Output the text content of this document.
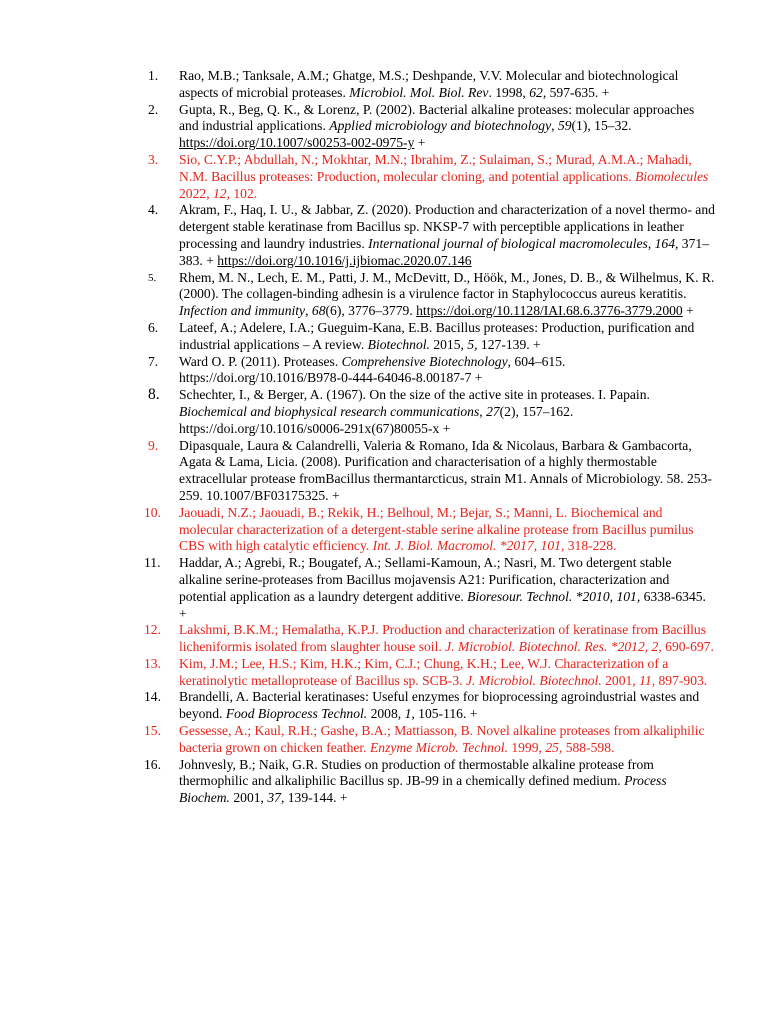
1.	Rao, M.B.; Tanksale, A.M.; Ghatge, M.S.; Deshpande, V.V. Molecular and biotechnological aspects of microbial proteases. Microbiol. Mol. Biol. Rev. 1998, 62, 597-635. +
2.	Gupta, R., Beg, Q. K., & Lorenz, P. (2002). Bacterial alkaline proteases: molecular approaches and industrial applications. Applied microbiology and biotechnology, 59(1), 15–32. https://doi.org/10.1007/s00253-002-0975-y +
3.	Sio, C.Y.P.; Abdullah, N.; Mokhtar, M.N.; Ibrahim, Z.; Sulaiman, S.; Murad, A.M.A.; Mahadi, N.M. Bacillus proteases: Production, molecular cloning, and potential applications. Biomolecules 2022, 12, 102.
4.	Akram, F., Haq, I. U., & Jabbar, Z. (2020). Production and characterization of a novel thermo- and detergent stable keratinase from Bacillus sp. NKSP-7 with perceptible applications in leather processing and laundry industries. International journal of biological macromolecules, 164, 371–383. + https://doi.org/10.1016/j.ijbiomac.2020.07.146
5.	Rhem, M. N., Lech, E. M., Patti, J. M., McDevitt, D., Höök, M., Jones, D. B., & Wilhelmus, K. R. (2000). The collagen-binding adhesin is a virulence factor in Staphylococcus aureus keratitis. Infection and immunity, 68(6), 3776–3779. https://doi.org/10.1128/IAI.68.6.3776-3779.2000 +
6.	Lateef, A.; Adelere, I.A.; Gueguim-Kana, E.B. Bacillus proteases: Production, purification and industrial applications – A review. Biotechnol. 2015, 5, 127-139. +
7.	Ward O. P. (2011). Proteases. Comprehensive Biotechnology, 604–615. https://doi.org/10.1016/B978-0-444-64046-8.00187-7 +
8.	Schechter, I., & Berger, A. (1967). On the size of the active site in proteases. I. Papain. Biochemical and biophysical research communications, 27(2), 157–162. https://doi.org/10.1016/s0006-291x(67)80055-x +
9.	Dipasquale, Laura & Calandrelli, Valeria & Romano, Ida & Nicolaus, Barbara & Gambacorta, Agata & Lama, Licia. (2008). Purification and characterisation of a highly thermostable extracellular protease fromBacillus thermantarcticus, strain M1. Annals of Microbiology. 58. 253-259. 10.1007/BF03175325. +
10.	Jaouadi, N.Z.; Jaouadi, B.; Rekik, H.; Belhoul, M.; Bejar, S.; Manni, L. Biochemical and molecular characterization of a detergent-stable serine alkaline protease from Bacillus pumilus CBS with high catalytic efficiency. Int. J. Biol. Macromol. *2017, 101, 318-228.
11.	Haddar, A.; Agrebi, R.; Bougatef, A.; Sellami-Kamoun, A.; Nasri, M. Two detergent stable alkaline serine-proteases from Bacillus mojavensis A21: Purification, characterization and potential application as a laundry detergent additive. Bioresour. Technol. *2010, 101, 6338-6345. +
12.	Lakshmi, B.K.M.; Hemalatha, K.P.J. Production and characterization of keratinase from Bacillus licheniformis isolated from slaughter house soil. J. Microbiol. Biotechnol. Res. *2012, 2, 690-697.
13.	Kim, J.M.; Lee, H.S.; Kim, H.K.; Kim, C.J.; Chung, K.H.; Lee, W.J. Characterization of a keratinolytic metalloprotease of Bacillus sp. SCB-3. J. Microbiol. Biotechnol. 2001, 11, 897-903.
14.	Brandelli, A. Bacterial keratinases: Useful enzymes for bioprocessing agroindustrial wastes and beyond. Food Bioprocess Technol. 2008, 1, 105-116. +
15.	Gessesse, A.; Kaul, R.H.; Gashe, B.A.; Mattiasson, B. Novel alkaline proteases from alkaliphilic bacteria grown on chicken feather. Enzyme Microb. Technol. 1999, 25, 588-598.
16.	Johnvesly, B.; Naik, G.R. Studies on production of thermostable alkaline protease from thermophilic and alkaliphilic Bacillus sp. JB-99 in a chemically defined medium. Process Biochem. 2001, 37, 139-144. +
